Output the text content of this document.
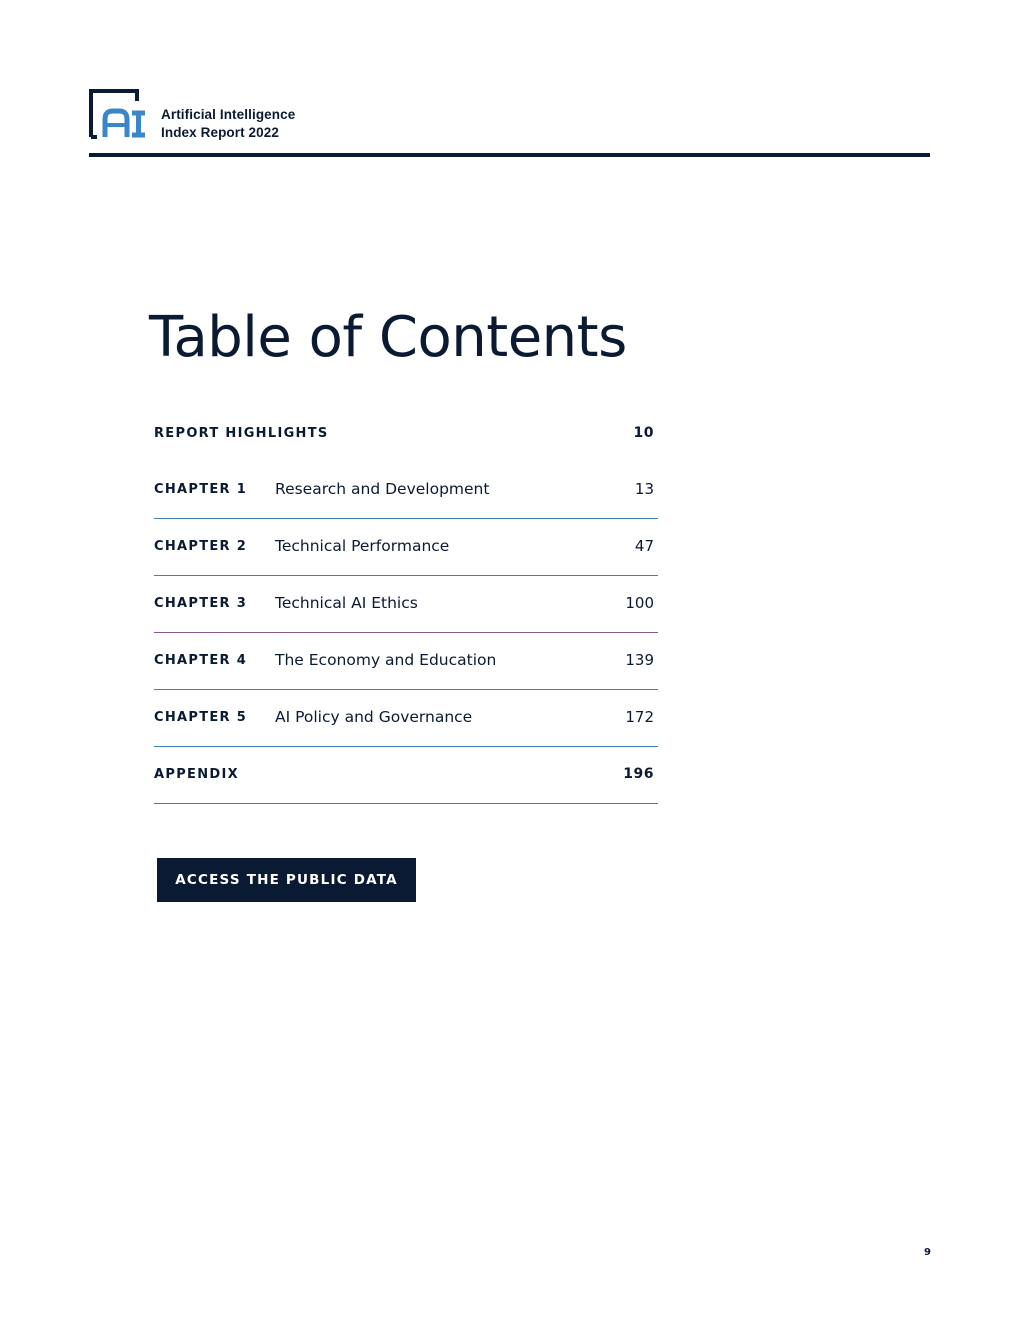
Artificial Intelligence
Index Report 2022
Table of Contents
REPORT HIGHLIGHTS	10
CHAPTER 1 Research and Development	13
CHAPTER 2 Technical Performance	47
CHAPTER 3 Technical AI Ethics	100
CHAPTER 4 The Economy and Education	139
CHAPTER 5 AI Policy and Governance	172
APPENDIX	196
ACCESS THE PUBLIC DATA
9
